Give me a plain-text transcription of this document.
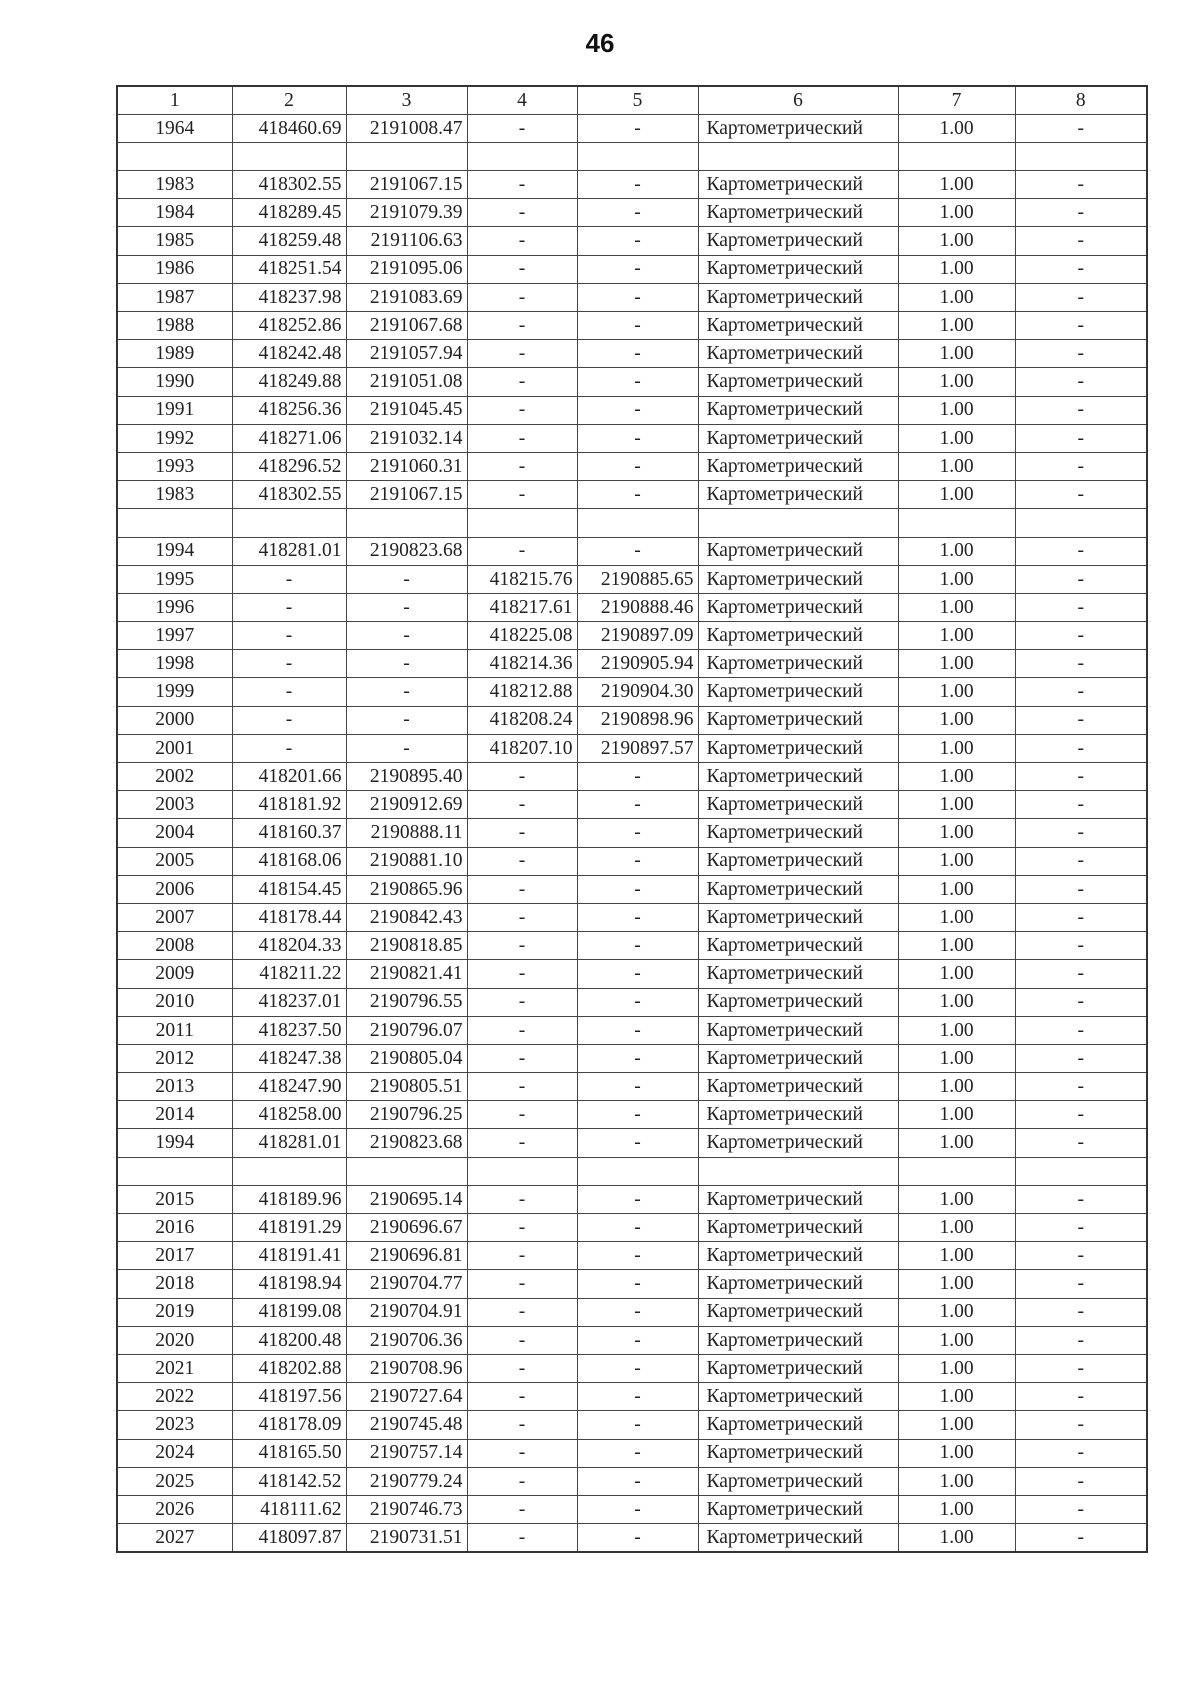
46
1	2	3	4	5	6	7	8
1964	418460.69	2191008.47	-	-	Картометрический	1.00	-

1983	418302.55	2191067.15	-	-	Картометрический	1.00	-
1984	418289.45	2191079.39	-	-	Картометрический	1.00	-
1985	418259.48	2191106.63	-	-	Картометрический	1.00	-
1986	418251.54	2191095.06	-	-	Картометрический	1.00	-
1987	418237.98	2191083.69	-	-	Картометрический	1.00	-
1988	418252.86	2191067.68	-	-	Картометрический	1.00	-
1989	418242.48	2191057.94	-	-	Картометрический	1.00	-
1990	418249.88	2191051.08	-	-	Картометрический	1.00	-
1991	418256.36	2191045.45	-	-	Картометрический	1.00	-
1992	418271.06	2191032.14	-	-	Картометрический	1.00	-
1993	418296.52	2191060.31	-	-	Картометрический	1.00	-
1983	418302.55	2191067.15	-	-	Картометрический	1.00	-

1994	418281.01	2190823.68	-	-	Картометрический	1.00	-
1995	-	-	418215.76	2190885.65	Картометрический	1.00	-
1996	-	-	418217.61	2190888.46	Картометрический	1.00	-
1997	-	-	418225.08	2190897.09	Картометрический	1.00	-
1998	-	-	418214.36	2190905.94	Картометрический	1.00	-
1999	-	-	418212.88	2190904.30	Картометрический	1.00	-
2000	-	-	418208.24	2190898.96	Картометрический	1.00	-
2001	-	-	418207.10	2190897.57	Картометрический	1.00	-
2002	418201.66	2190895.40	-	-	Картометрический	1.00	-
2003	418181.92	2190912.69	-	-	Картометрический	1.00	-
2004	418160.37	2190888.11	-	-	Картометрический	1.00	-
2005	418168.06	2190881.10	-	-	Картометрический	1.00	-
2006	418154.45	2190865.96	-	-	Картометрический	1.00	-
2007	418178.44	2190842.43	-	-	Картометрический	1.00	-
2008	418204.33	2190818.85	-	-	Картометрический	1.00	-
2009	418211.22	2190821.41	-	-	Картометрический	1.00	-
2010	418237.01	2190796.55	-	-	Картометрический	1.00	-
2011	418237.50	2190796.07	-	-	Картометрический	1.00	-
2012	418247.38	2190805.04	-	-	Картометрический	1.00	-
2013	418247.90	2190805.51	-	-	Картометрический	1.00	-
2014	418258.00	2190796.25	-	-	Картометрический	1.00	-
1994	418281.01	2190823.68	-	-	Картометрический	1.00	-

2015	418189.96	2190695.14	-	-	Картометрический	1.00	-
2016	418191.29	2190696.67	-	-	Картометрический	1.00	-
2017	418191.41	2190696.81	-	-	Картометрический	1.00	-
2018	418198.94	2190704.77	-	-	Картометрический	1.00	-
2019	418199.08	2190704.91	-	-	Картометрический	1.00	-
2020	418200.48	2190706.36	-	-	Картометрический	1.00	-
2021	418202.88	2190708.96	-	-	Картометрический	1.00	-
2022	418197.56	2190727.64	-	-	Картометрический	1.00	-
2023	418178.09	2190745.48	-	-	Картометрический	1.00	-
2024	418165.50	2190757.14	-	-	Картометрический	1.00	-
2025	418142.52	2190779.24	-	-	Картометрический	1.00	-
2026	418111.62	2190746.73	-	-	Картометрический	1.00	-
2027	418097.87	2190731.51	-	-	Картометрический	1.00	-
